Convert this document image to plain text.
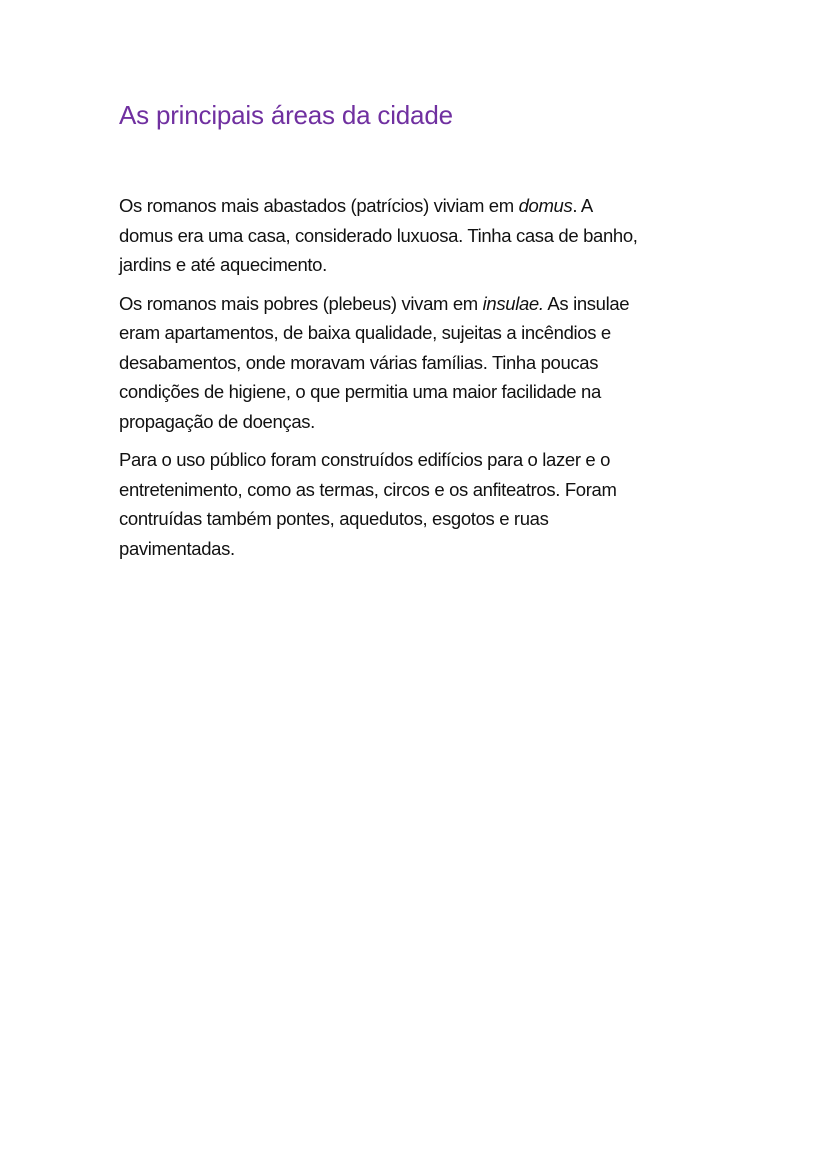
As principais áreas da cidade

Os romanos mais abastados (patrícios) viviam em domus. A
domus era uma casa, considerado luxuosa. Tinha casa de banho,
jardins e até aquecimento.

Os romanos mais pobres (plebeus) vivam em insulae. As insulae
eram apartamentos, de baixa qualidade, sujeitas a incêndios e
desabamentos, onde moravam várias famílias. Tinha poucas
condições de higiene, o que permitia uma maior facilidade na
propagação de doenças.

Para o uso público foram construídos edifícios para o lazer e o
entretenimento, como as termas, circos e os anfiteatros. Foram
contruídas também pontes, aquedutos, esgotos e ruas
pavimentadas.
